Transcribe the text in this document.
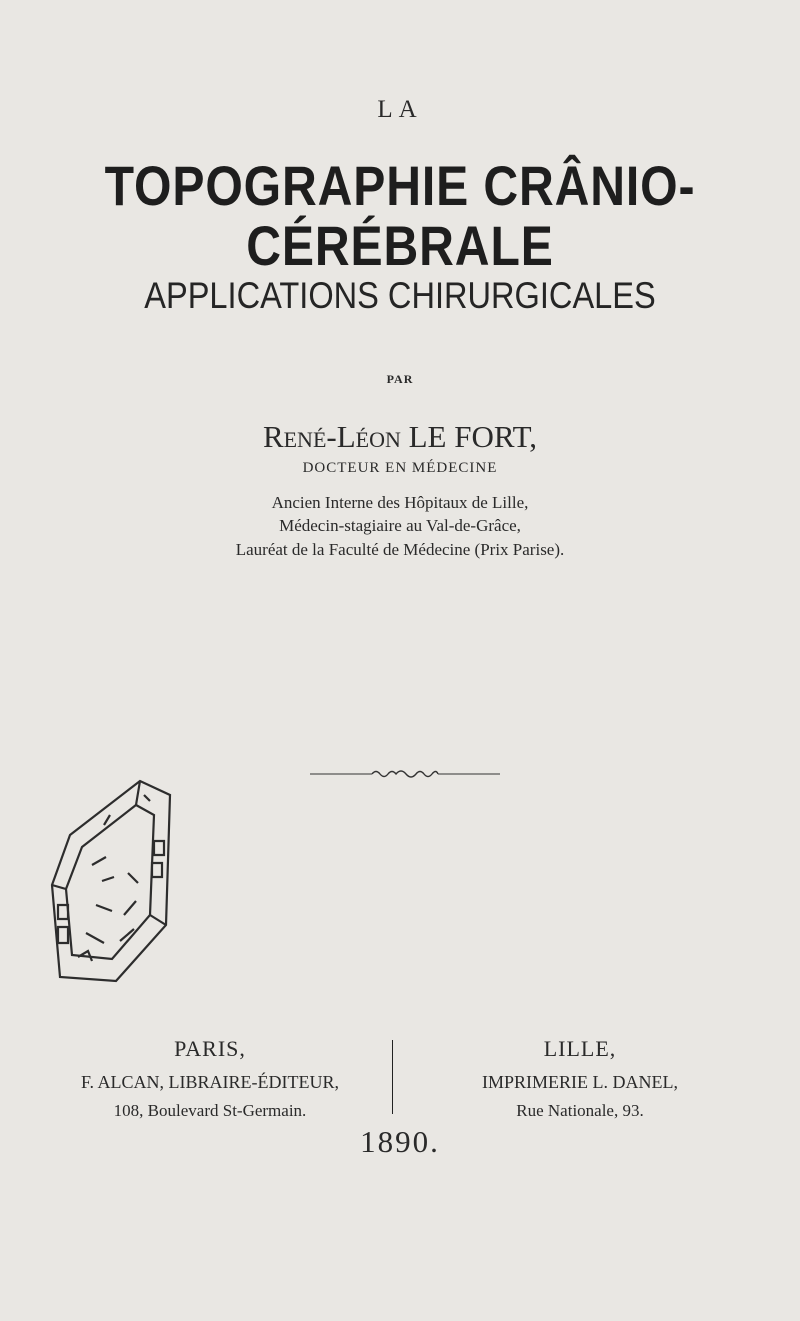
LA
TOPOGRAPHIE CRÂNIO-CÉRÉBRALE
APPLICATIONS CHIRURGICALES
PAR
René-Léon LE FORT,
DOCTEUR EN MÉDECINE
Ancien Interne des Hôpitaux de Lille,
Médecin-stagiaire au Val-de-Grâce,
Lauréat de la Faculté de Médecine (Prix Parise).
PARIS,
F. ALCAN, LIBRAIRE-ÉDITEUR,
108, Boulevard St-Germain.
LILLE,
IMPRIMERIE L. DANEL,
Rue Nationale, 93.
1890.
